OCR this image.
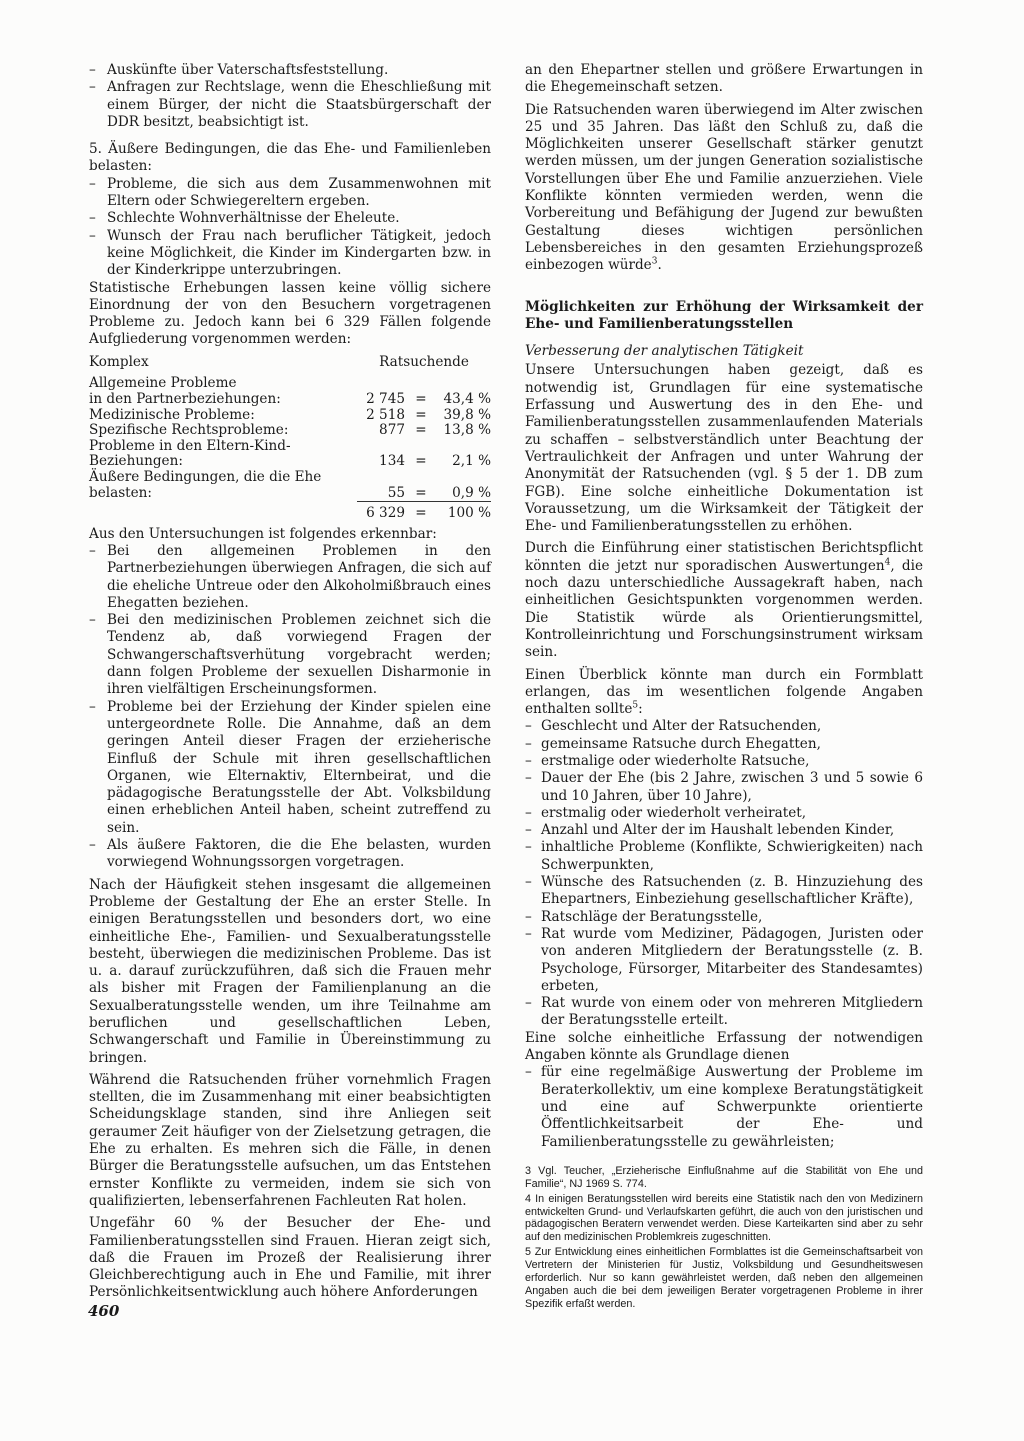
– Auskünfte über Vaterschaftsfeststellung.

– Anfragen zur Rechtslage, wenn die Eheschließung mit einem Bürger, der nicht die Staatsbürgerschaft der DDR besitzt, beabsichtigt ist.

5. Äußere Bedingungen, die das Ehe- und Familienleben belasten:

– Probleme, die sich aus dem Zusammenwohnen mit Eltern oder Schwiegereltern ergeben.

– Schlechte Wohnverhältnisse der Eheleute.

– Wunsch der Frau nach beruflicher Tätigkeit, jedoch keine Möglichkeit, die Kinder im Kindergarten bzw. in der Kinderkrippe unterzubringen.

Statistische Erhebungen lassen keine völlig sichere Einordnung der von den Besuchern vorgetragenen Probleme zu. Jedoch kann bei 6 329 Fällen folgende Aufgliederung vorgenommen werden:

Komplex	Ratsuchende		
Allgemeine Probleme			
in den Partnerbeziehungen:	2 745	=	43,4 %
Medizinische Probleme:	2 518	=	39,8 %
Spezifische Rechtsprobleme:	877	=	13,8 %
Probleme in den Eltern-Kind-			
Beziehungen:	134	=	2,1 %
Äußere Bedingungen, die die Ehe			
belasten:	55	=	0,9 %
	6 329	=	100 %

Aus den Untersuchungen ist folgendes erkennbar:

– Bei den allgemeinen Problemen in den Partnerbeziehungen überwiegen Anfragen, die sich auf die eheliche Untreue oder den Alkoholmißbrauch eines Ehegatten beziehen.

– Bei den medizinischen Problemen zeichnet sich die Tendenz ab, daß vorwiegend Fragen der Schwangerschaftsverhütung vorgebracht werden; dann folgen Probleme der sexuellen Disharmonie in ihren vielfältigen Erscheinungsformen.

– Probleme bei der Erziehung der Kinder spielen eine untergeordnete Rolle. Die Annahme, daß an dem geringen Anteil dieser Fragen der erzieherische Einfluß der Schule mit ihren gesellschaftlichen Organen, wie Elternaktiv, Elternbeirat, und die pädagogische Beratungsstelle der Abt. Volksbildung einen erheblichen Anteil haben, scheint zutreffend zu sein.

– Als äußere Faktoren, die die Ehe belasten, wurden vorwiegend Wohnungssorgen vorgetragen.

Nach der Häufigkeit stehen insgesamt die allgemeinen Probleme der Gestaltung der Ehe an erster Stelle. In einigen Beratungsstellen und besonders dort, wo eine einheitliche Ehe-, Familien- und Sexualberatungsstelle besteht, überwiegen die medizinischen Probleme. Das ist u. a. darauf zurückzuführen, daß sich die Frauen mehr als bisher mit Fragen der Familienplanung an die Sexualberatungsstelle wenden, um ihre Teilnahme am beruflichen und gesellschaftlichen Leben, Schwangerschaft und Familie in Übereinstimmung zu bringen.

Während die Ratsuchenden früher vornehmlich Fragen stellten, die im Zusammenhang mit einer beabsichtigten Scheidungsklage standen, sind ihre Anliegen seit geraumer Zeit häufiger von der Zielsetzung getragen, die Ehe zu erhalten. Es mehren sich die Fälle, in denen Bürger die Beratungsstelle aufsuchen, um das Entstehen ernster Konflikte zu vermeiden, indem sie sich von qualifizierten, lebenserfahrenen Fachleuten Rat holen.

Ungefähr 60 % der Besucher der Ehe- und Familienberatungsstellen sind Frauen. Hieran zeigt sich, daß die Frauen im Prozeß der Realisierung ihrer Gleichberechtigung auch in Ehe und Familie, mit ihrer Persönlichkeitsentwicklung auch höhere Anforderungen

an den Ehepartner stellen und größere Erwartungen in die Ehegemeinschaft setzen.

Die Ratsuchenden waren überwiegend im Alter zwischen 25 und 35 Jahren. Das läßt den Schluß zu, daß die Möglichkeiten unserer Gesellschaft stärker genutzt werden müssen, um der jungen Generation sozialistische Vorstellungen über Ehe und Familie anzuerziehen. Viele Konflikte könnten vermieden werden, wenn die Vorbereitung und Befähigung der Jugend zur bewußten Gestaltung dieses wichtigen persönlichen Lebensbereiches in den gesamten Erziehungsprozeß einbezogen würde$^3$.

Möglichkeiten zur Erhöhung der Wirksamkeit der Ehe- und Familienberatungsstellen

Verbesserung der analytischen Tätigkeit

Unsere Untersuchungen haben gezeigt, daß es notwendig ist, Grundlagen für eine systematische Erfassung und Auswertung des in den Ehe- und Familienberatungsstellen zusammenlaufenden Materials zu schaffen – selbstverständlich unter Beachtung der Vertraulichkeit der Anfragen und unter Wahrung der Anonymität der Ratsuchenden (vgl. § 5 der 1. DB zum FGB). Eine solche einheitliche Dokumentation ist Voraussetzung, um die Wirksamkeit der Tätigkeit der Ehe- und Familienberatungsstellen zu erhöhen.

Durch die Einführung einer statistischen Berichtspflicht könnten die jetzt nur sporadischen Auswertungen$^4$, die noch dazu unterschiedliche Aussagekraft haben, nach einheitlichen Gesichtspunkten vorgenommen werden. Die Statistik würde als Orientierungsmittel, Kontrolleinrichtung und Forschungsinstrument wirksam sein.

Einen Überblick könnte man durch ein Formblatt erlangen, das im wesentlichen folgende Angaben enthalten sollte$^5$:

– Geschlecht und Alter der Ratsuchenden,

– gemeinsame Ratsuche durch Ehegatten,

– erstmalige oder wiederholte Ratsuche,

– Dauer der Ehe (bis 2 Jahre, zwischen 3 und 5 sowie 6 und 10 Jahren, über 10 Jahre),

– erstmalig oder wiederholt verheiratet,

– Anzahl und Alter der im Haushalt lebenden Kinder,

– inhaltliche Probleme (Konflikte, Schwierigkeiten) nach Schwerpunkten,

– Wünsche des Ratsuchenden (z. B. Hinzuziehung des Ehepartners, Einbeziehung gesellschaftlicher Kräfte),

– Ratschläge der Beratungsstelle,

– Rat wurde vom Mediziner, Pädagogen, Juristen oder von anderen Mitgliedern der Beratungsstelle (z. B. Psychologe, Fürsorger, Mitarbeiter des Standesamtes) erbeten,

– Rat wurde von einem oder von mehreren Mitgliedern der Beratungsstelle erteilt.

Eine solche einheitliche Erfassung der notwendigen Angaben könnte als Grundlage dienen

– für eine regelmäßige Auswertung der Probleme im Beraterkollektiv, um eine komplexe Beratungstätigkeit und eine auf Schwerpunkte orientierte Öffentlichkeitsarbeit der Ehe- und Familienberatungsstelle zu gewährleisten;

3 Vgl. Teucher, „Erzieherische Einflußnahme auf die Stabilität von Ehe und Familie“, NJ 1969 S. 774.

4 In einigen Beratungsstellen wird bereits eine Statistik nach den von Medizinern entwickelten Grund- und Verlaufskarten geführt, die auch von den juristischen und pädagogischen Beratern verwendet werden. Diese Karteikarten sind aber zu sehr auf den medizinischen Problemkreis zugeschnitten.

5 Zur Entwicklung eines einheitlichen Formblattes ist die Gemeinschaftsarbeit von Vertretern der Ministerien für Justiz, Volksbildung und Gesundheitswesen erforderlich. Nur so kann gewährleistet werden, daß neben den allgemeinen Angaben auch die bei dem jeweiligen Berater vorgetragenen Probleme in ihrer Spezifik erfaßt werden.

460
